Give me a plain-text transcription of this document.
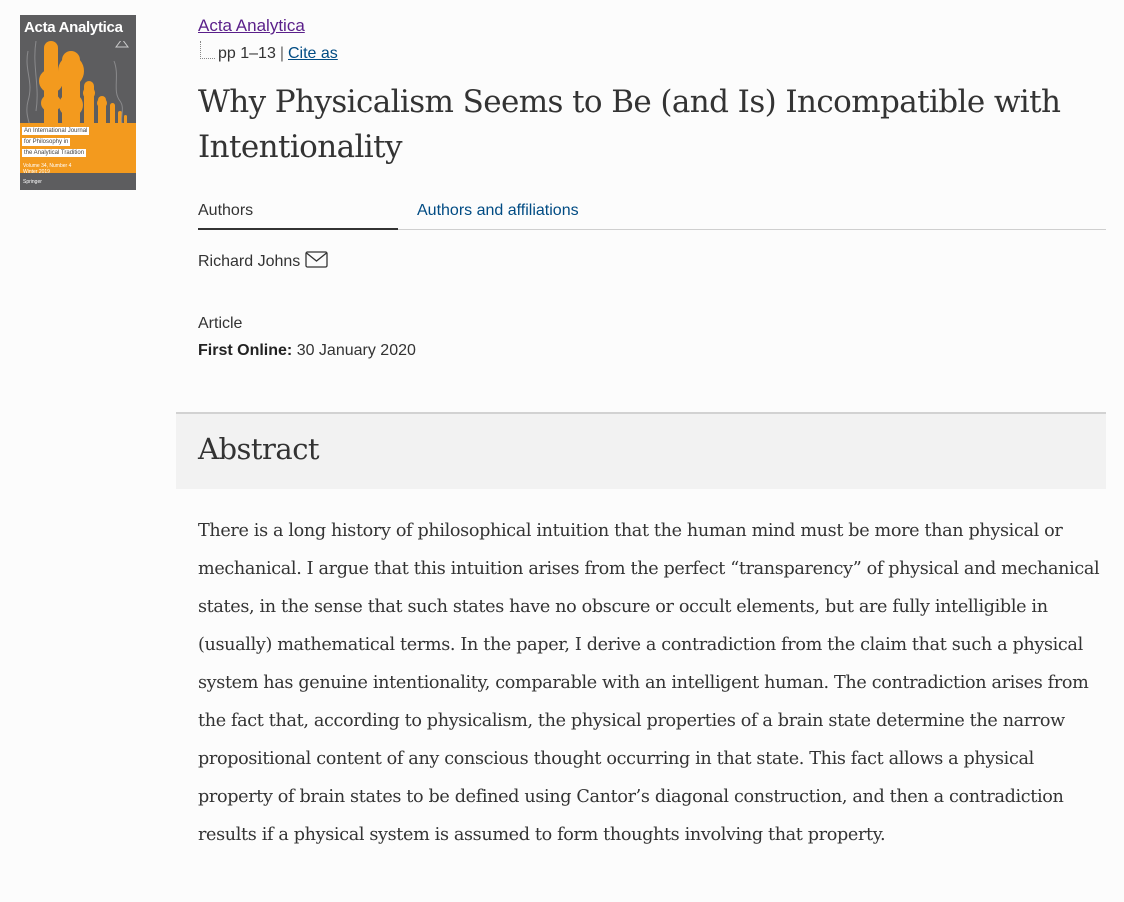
Acta Analytica
An International Journal
for Philosophy in
the Analytical Tradition
Volume 34, Number 4
Winter 2019
Springer
Acta Analytica
pp 1–13 | Cite as
Why Physicalism Seems to Be (and Is) Incompatible with Intentionality
Authors	Authors and affiliations
Richard Johns
Article
First Online: 30 January 2020
Abstract

There is a long history of philosophical intuition that the human mind must be more than physical or mechanical. I argue that this intuition arises from the perfect “transparency” of physical and mechanical states, in the sense that such states have no obscure or occult elements, but are fully intelligible in (usually) mathematical terms. In the paper, I derive a contradiction from the claim that such a physical system has genuine intentionality, comparable with an intelligent human. The contradiction arises from the fact that, according to physicalism, the physical properties of a brain state determine the narrow propositional content of any conscious thought occurring in that state. This fact allows a physical property of brain states to be defined using Cantor’s diagonal construction, and then a contradiction results if a physical system is assumed to form thoughts involving that property.
